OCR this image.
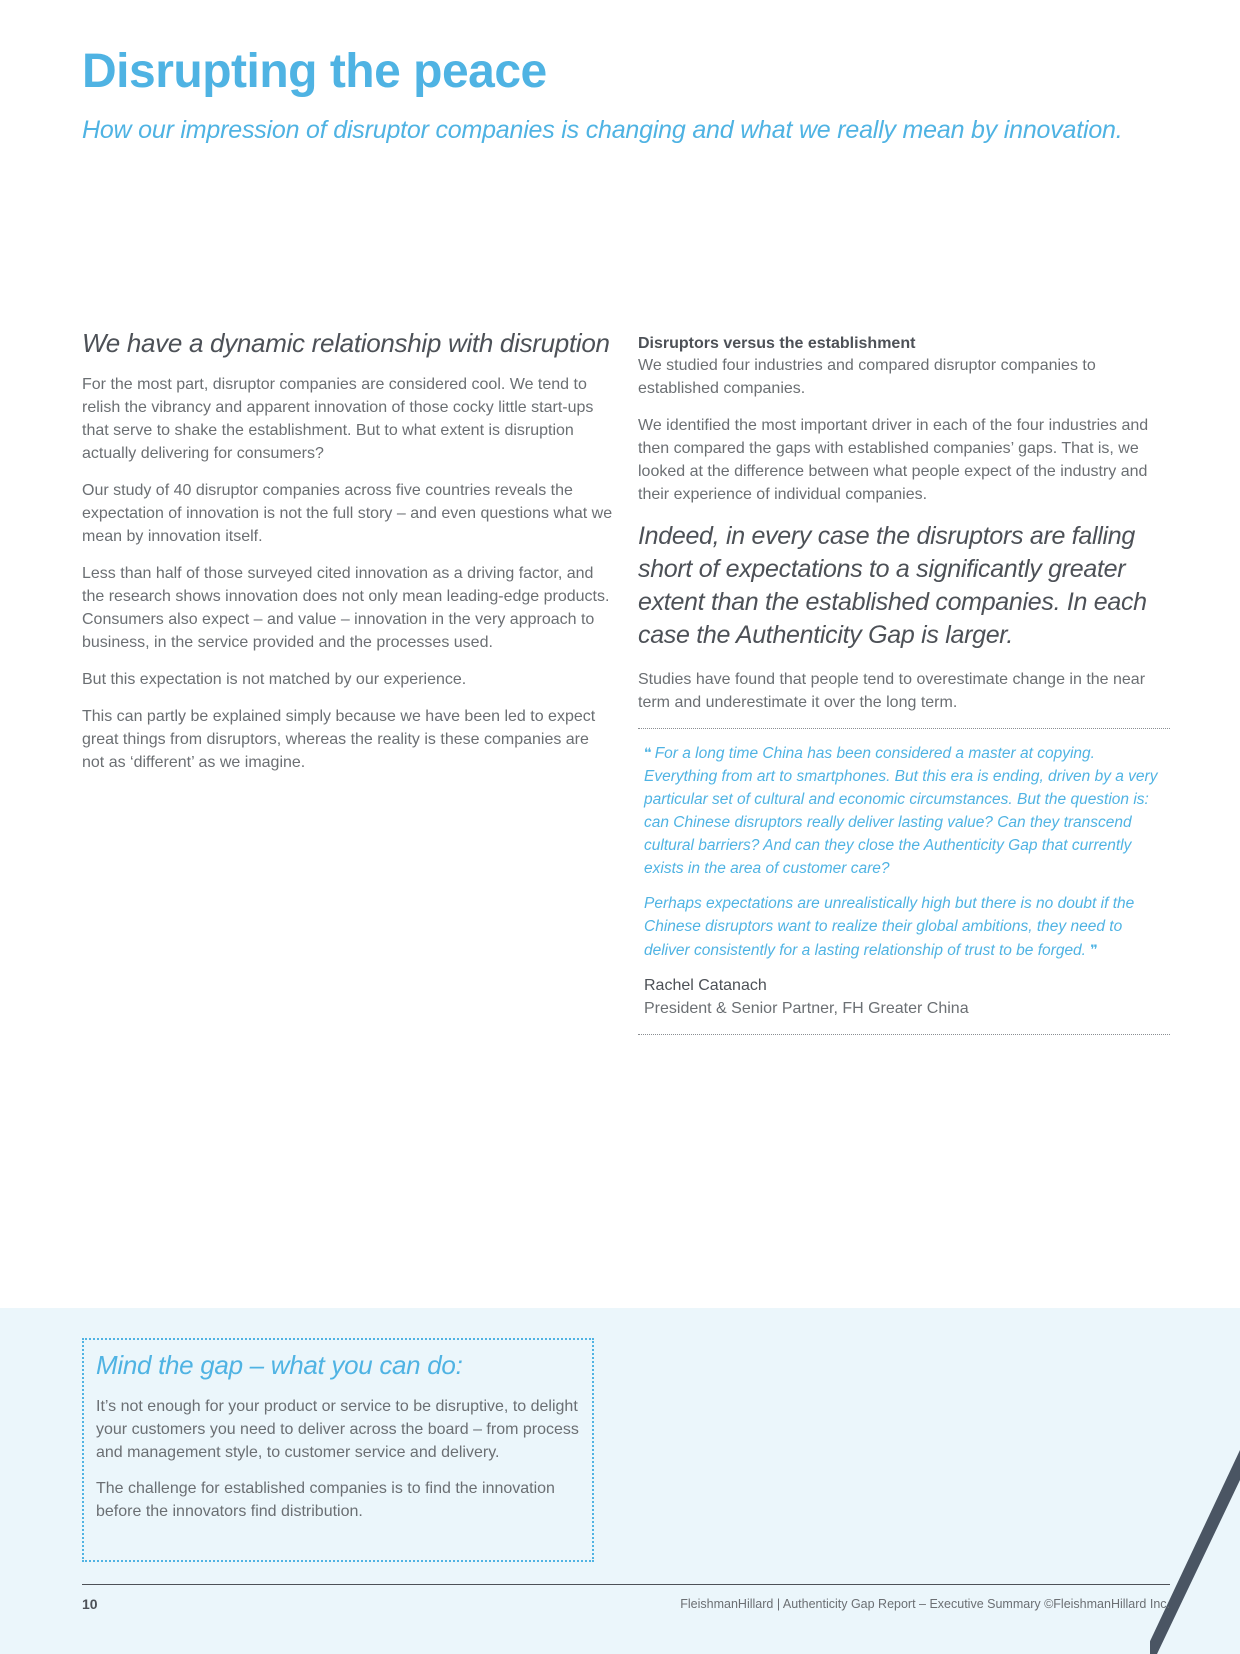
Disrupting the peace
How our impression of disruptor companies is changing and what we really mean by innovation.
We have a dynamic relationship with disruption

For the most part, disruptor companies are considered cool. We tend to relish the vibrancy and apparent innovation of those cocky little start-ups that serve to shake the establishment. But to what extent is disruption actually delivering for consumers?

Our study of 40 disruptor companies across five countries reveals the expectation of innovation is not the full story – and even questions what we mean by innovation itself.

Less than half of those surveyed cited innovation as a driving factor, and the research shows innovation does not only mean leading-edge products. Consumers also expect – and value – innovation in the very approach to business, in the service provided and the processes used.

But this expectation is not matched by our experience.

This can partly be explained simply because we have been led to expect great things from disruptors, whereas the reality is these companies are not as ‘different’ as we imagine.

Disruptors versus the establishment

We studied four industries and compared disruptor companies to established companies.

We identified the most important driver in each of the four industries and then compared the gaps with established companies’ gaps. That is, we looked at the difference between what people expect of the industry and their experience of individual companies.

Indeed, in every case the disruptors are falling short of expectations to a significantly greater extent than the established companies. In each case the Authenticity Gap is larger.

Studies have found that people tend to overestimate change in the near term and underestimate it over the long term.

❛❛ For a long time China has been considered a master at copying. Everything from art to smartphones. But this era is ending, driven by a very particular set of cultural and economic circumstances. But the question is: can Chinese disruptors really deliver lasting value? Can they transcend cultural barriers? And can they close the Authenticity Gap that currently exists in the area of customer care?

Perhaps expectations are unrealistically high but there is no doubt if the Chinese disruptors want to realize their global ambitions, they need to deliver consistently for a lasting relationship of trust to be forged. ❜❜

Rachel Catanach
President & Senior Partner, FH Greater China
Mind the gap – what you can do:

It’s not enough for your product or service to be disruptive, to delight your customers you need to deliver across the board – from process and management style, to customer service and delivery.

The challenge for established companies is to find the innovation before the innovators find distribution.

10	FleishmanHillard | Authenticity Gap Report – Executive Summary ©FleishmanHillard Inc.
